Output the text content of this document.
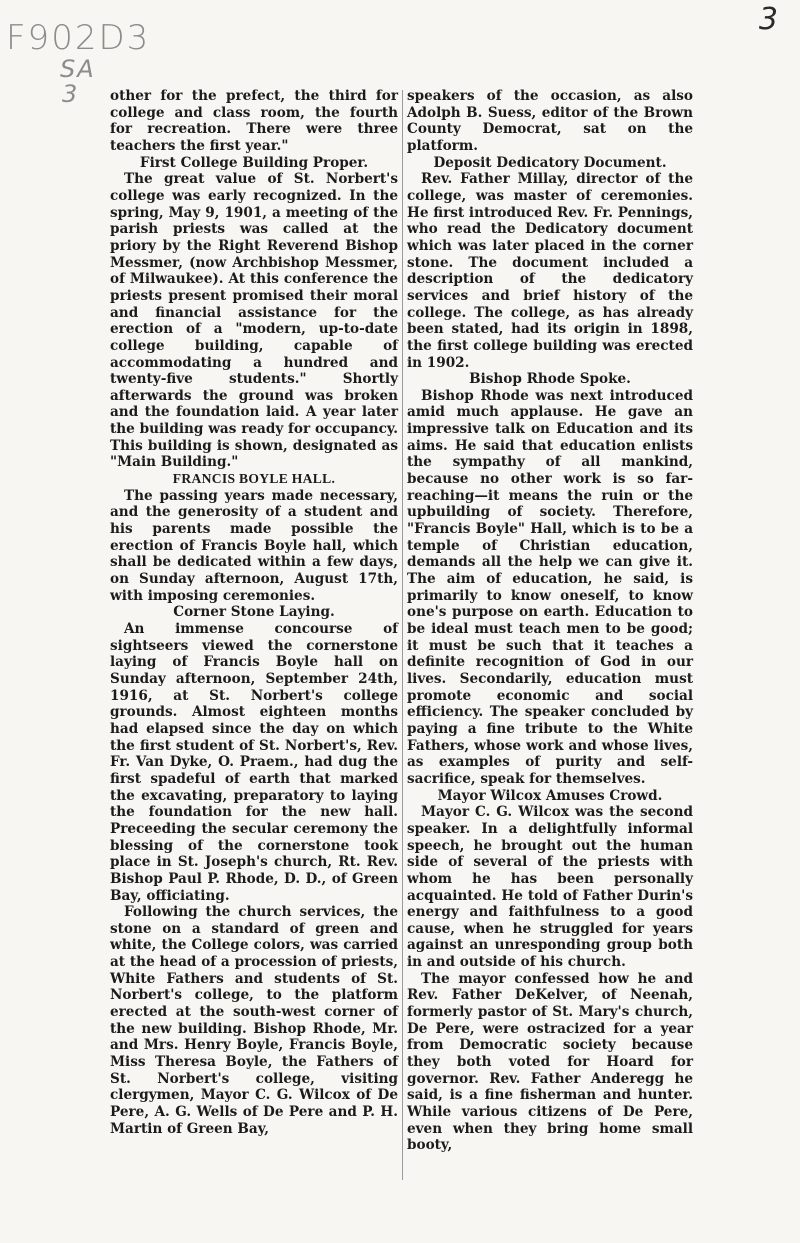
F902D3
SA
3
3

other for the prefect, the third for college and class room, the fourth for recreation. There were three teachers the first year."

First College Building Proper.

The great value of St. Norbert's college was early recognized. In the spring, May 9, 1901, a meeting of the parish priests was called at the priory by the Right Reverend Bishop Messmer, (now Archbishop Messmer, of Milwaukee). At this conference the priests present promised their moral and financial assistance for the erection of a "modern, up-to-date college building, capable of accommodating a hundred and twenty-five students." Shortly afterwards the ground was broken and the foundation laid. A year later the building was ready for occupancy. This building is shown, designated as "Main Building."

FRANCIS BOYLE HALL.

The passing years made necessary, and the generosity of a student and his parents made possible the erection of Francis Boyle hall, which shall be dedicated within a few days, on Sunday afternoon, August 17th, with imposing ceremonies.

Corner Stone Laying.

An immense concourse of sightseers viewed the cornerstone laying of Francis Boyle hall on Sunday afternoon, September 24th, 1916, at St. Norbert's college grounds. Almost eighteen months had elapsed since the day on which the first student of St. Norbert's, Rev. Fr. Van Dyke, O. Praem., had dug the first spadeful of earth that marked the excavating, preparatory to laying the foundation for the new hall. Preceeding the secular ceremony the blessing of the cornerstone took place in St. Joseph's church, Rt. Rev. Bishop Paul P. Rhode, D. D., of Green Bay, officiating.

Following the church services, the stone on a standard of green and white, the College colors, was carried at the head of a procession of priests, White Fathers and students of St. Norbert's college, to the platform erected at the south-west corner of the new building. Bishop Rhode, Mr. and Mrs. Henry Boyle, Francis Boyle, Miss Theresa Boyle, the Fathers of St. Norbert's college, visiting clergymen, Mayor C. G. Wilcox of De Pere, A. G. Wells of De Pere and P. H. Martin of Green Bay,

speakers of the occasion, as also Adolph B. Suess, editor of the Brown County Democrat, sat on the platform.

Deposit Dedicatory Document.

Rev. Father Millay, director of the college, was master of ceremonies. He first introduced Rev. Fr. Pennings, who read the Dedicatory document which was later placed in the corner stone. The document included a description of the dedicatory services and brief history of the college. The college, as has already been stated, had its origin in 1898, the first college building was erected in 1902.

Bishop Rhode Spoke.

Bishop Rhode was next introduced amid much applause. He gave an impressive talk on Education and its aims. He said that education enlists the sympathy of all mankind, because no other work is so far-reaching—it means the ruin or the upbuilding of society. Therefore, "Francis Boyle" Hall, which is to be a temple of Christian education, demands all the help we can give it. The aim of education, he said, is primarily to know oneself, to know one's purpose on earth. Education to be ideal must teach men to be good; it must be such that it teaches a definite recognition of God in our lives. Secondarily, education must promote economic and social efficiency. The speaker concluded by paying a fine tribute to the White Fathers, whose work and whose lives, as examples of purity and self-sacrifice, speak for themselves.

Mayor Wilcox Amuses Crowd.

Mayor C. G. Wilcox was the second speaker. In a delightfully informal speech, he brought out the human side of several of the priests with whom he has been personally acquainted. He told of Father Durin's energy and faithfulness to a good cause, when he struggled for years against an unresponding group both in and outside of his church.

The mayor confessed how he and Rev. Father DeKelver, of Neenah, formerly pastor of St. Mary's church, De Pere, were ostracized for a year from Democratic society because they both voted for Hoard for governor. Rev. Father Anderegg he said, is a fine fisherman and hunter. While various citizens of De Pere, even when they bring home small booty,
